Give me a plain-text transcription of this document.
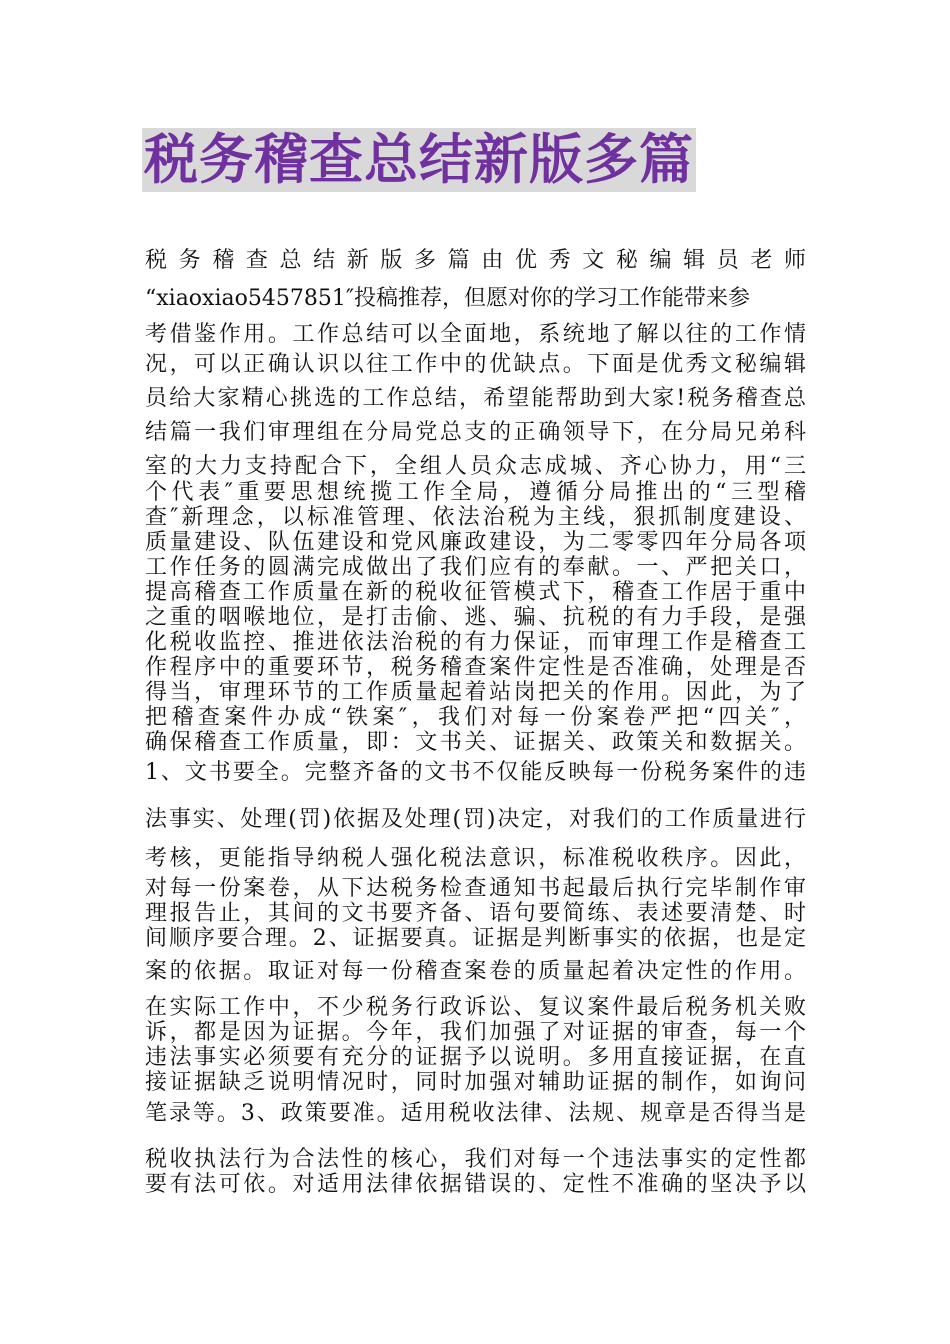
税务稽查总结新版多篇
税务稽查总结新版多篇由优秀文秘编辑员老师
“xiaoxiao5457851″投稿推荐，但愿对你的学习工作能带来参
考借鉴作用。工作总结可以全面地，系统地了解以往的工作情
况，可以正确认识以往工作中的优缺点。下面是优秀文秘编辑
员给大家精心挑选的工作总结，希望能帮助到大家!税务稽查总
结篇一我们审理组在分局党总支的正确领导下，在分局兄弟科
室的大力支持配合下，全组人员众志成城、齐心协力，用“三
个代表″重要思想统揽工作全局，遵循分局推出的“三型稽
查″新理念，以标准管理、依法治税为主线，狠抓制度建设、
质量建设、队伍建设和党风廉政建设，为二零零四年分局各项
工作任务的圆满完成做出了我们应有的奉献。一、严把关口，
提高稽查工作质量在新的税收征管模式下，稽查工作居于重中
之重的咽喉地位，是打击偷、逃、骗、抗税的有力手段，是强
化税收监控、推进依法治税的有力保证，而审理工作是稽查工
作程序中的重要环节，税务稽查案件定性是否准确，处理是否
得当，审理环节的工作质量起着站岗把关的作用。因此，为了
把稽查案件办成“铁案″，我们对每一份案卷严把“四关″，
确保稽查工作质量，即：文书关、证据关、政策关和数据关。
1、文书要全。完整齐备的文书不仅能反映每一份税务案件的违
法事实、处理(罚)依据及处理(罚)决定，对我们的工作质量进行
考核，更能指导纳税人强化税法意识，标准税收秩序。因此，
对每一份案卷，从下达税务检查通知书起最后执行完毕制作审
理报告止，其间的文书要齐备、语句要简练、表述要清楚、时
间顺序要合理。2、证据要真。证据是判断事实的依据，也是定
案的依据。取证对每一份稽查案卷的质量起着决定性的作用。
在实际工作中，不少税务行政诉讼、复议案件最后税务机关败
诉，都是因为证据。今年，我们加强了对证据的审查，每一个
违法事实必须要有充分的证据予以说明。多用直接证据，在直
接证据缺乏说明情况时，同时加强对辅助证据的制作，如询问
笔录等。3、政策要准。适用税收法律、法规、规章是否得当是
税收执法行为合法性的核心，我们对每一个违法事实的定性都
要有法可依。对适用法律依据错误的、定性不准确的坚决予以
